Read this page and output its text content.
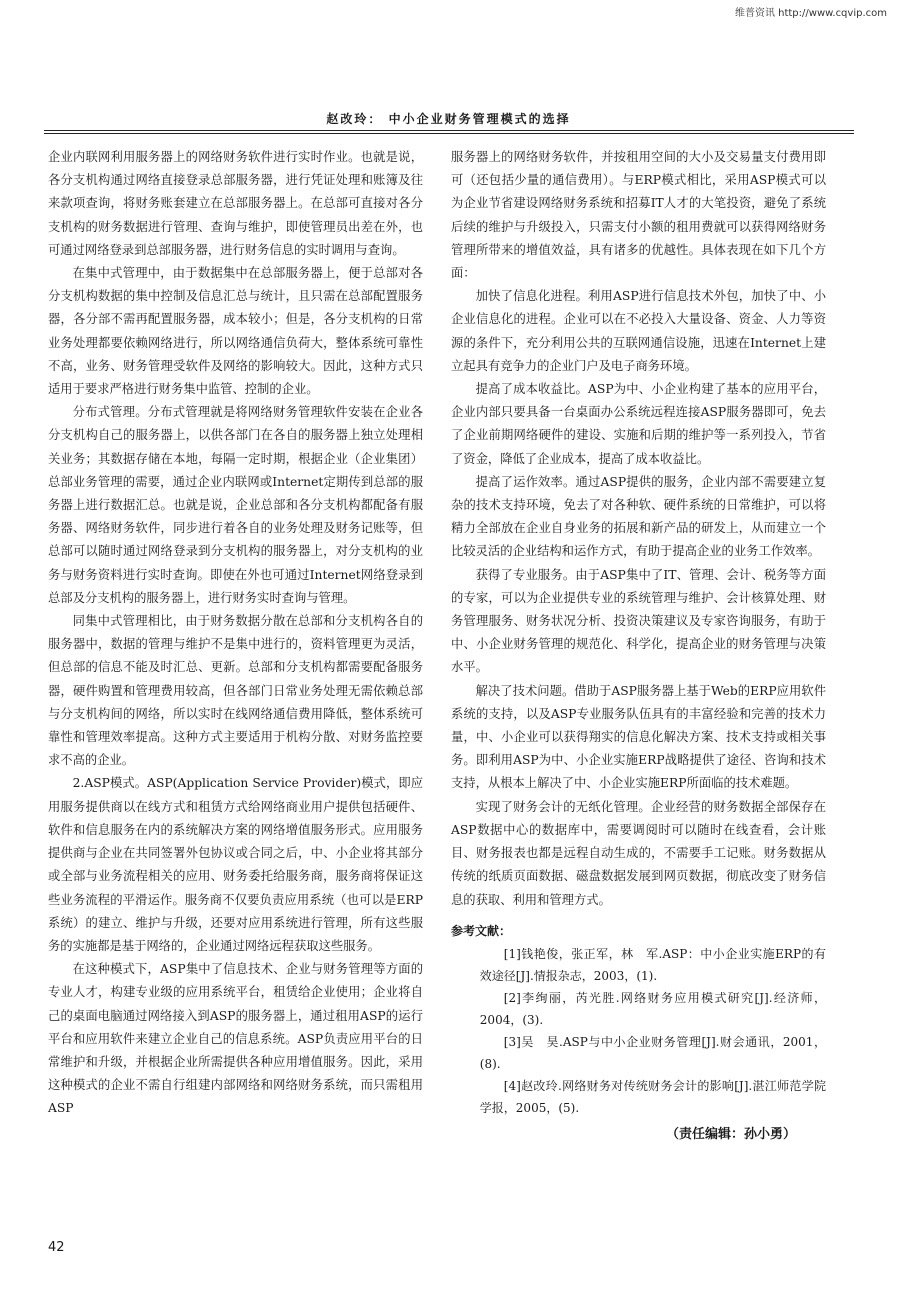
维普资讯 http://www.cqvip.com
赵改玲： 中小企业财务管理模式的选择

企业内联网利用服务器上的网络财务软件进行实时作业。也就是说，各分支机构通过网络直接登录总部服务器，进行凭证处理和账簿及往来款项查询，将财务账套建立在总部服务器上。在总部可直接对各分支机构的财务数据进行管理、查询与维护，即使管理员出差在外，也可通过网络登录到总部服务器，进行财务信息的实时调用与查询。

在集中式管理中，由于数据集中在总部服务器上，便于总部对各分支机构数据的集中控制及信息汇总与统计，且只需在总部配置服务器，各分部不需再配置服务器，成本较小；但是，各分支机构的日常业务处理都要依赖网络进行，所以网络通信负荷大，整体系统可靠性不高，业务、财务管理受软件及网络的影响较大。因此，这种方式只适用于要求严格进行财务集中监管、控制的企业。

分布式管理。分布式管理就是将网络财务管理软件安装在企业各分支机构自己的服务器上，以供各部门在各自的服务器上独立处理相关业务；其数据存储在本地，每隔一定时期，根据企业（企业集团）总部业务管理的需要，通过企业内联网或Internet定期传到总部的服务器上进行数据汇总。也就是说，企业总部和各分支机构都配备有服务器、网络财务软件，同步进行着各自的业务处理及财务记账等，但总部可以随时通过网络登录到分支机构的服务器上，对分支机构的业务与财务资料进行实时查询。即使在外也可通过Internet网络登录到总部及分支机构的服务器上，进行财务实时查询与管理。

同集中式管理相比，由于财务数据分散在总部和分支机构各自的服务器中，数据的管理与维护不是集中进行的，资料管理更为灵活，但总部的信息不能及时汇总、更新。总部和分支机构都需要配备服务器，硬件购置和管理费用较高，但各部门日常业务处理无需依赖总部与分支机构间的网络，所以实时在线网络通信费用降低，整体系统可靠性和管理效率提高。这种方式主要适用于机构分散、对财务监控要求不高的企业。

2.ASP模式。ASP(Application Service Provider)模式，即应用服务提供商以在线方式和租赁方式给网络商业用户提供包括硬件、软件和信息服务在内的系统解决方案的网络增值服务形式。应用服务提供商与企业在共同签署外包协议或合同之后，中、小企业将其部分或全部与业务流程相关的应用、财务委托给服务商，服务商将保证这些业务流程的平滑运作。服务商不仅要负责应用系统（也可以是ERP系统）的建立、维护与升级，还要对应用系统进行管理，所有这些服务的实施都是基于网络的，企业通过网络远程获取这些服务。

在这种模式下，ASP集中了信息技术、企业与财务管理等方面的专业人才，构建专业级的应用系统平台，租赁给企业使用；企业将自己的桌面电脑通过网络接入到ASP的服务器上，通过租用ASP的运行平台和应用软件来建立企业自己的信息系统。ASP负责应用平台的日常维护和升级，并根据企业所需提供各种应用增值服务。因此，采用这种模式的企业不需自行组建内部网络和网络财务系统，而只需租用ASP

服务器上的网络财务软件，并按租用空间的大小及交易量支付费用即可（还包括少量的通信费用）。与ERP模式相比，采用ASP模式可以为企业节省建设网络财务系统和招募IT人才的大笔投资，避免了系统后续的维护与升级投入，只需支付小额的租用费就可以获得网络财务管理所带来的增值效益，具有诸多的优越性。具体表现在如下几个方面：

加快了信息化进程。利用ASP进行信息技术外包，加快了中、小企业信息化的进程。企业可以在不必投入大量设备、资金、人力等资源的条件下，充分利用公共的互联网通信设施，迅速在Internet上建立起具有竞争力的企业门户及电子商务环境。

提高了成本收益比。ASP为中、小企业构建了基本的应用平台，企业内部只要具备一台桌面办公系统远程连接ASP服务器即可，免去了企业前期网络硬件的建设、实施和后期的维护等一系列投入，节省了资金，降低了企业成本，提高了成本收益比。

提高了运作效率。通过ASP提供的服务，企业内部不需要建立复杂的技术支持环境，免去了对各种软、硬件系统的日常维护，可以将精力全部放在企业自身业务的拓展和新产品的研发上，从而建立一个比较灵活的企业结构和运作方式，有助于提高企业的业务工作效率。

获得了专业服务。由于ASP集中了IT、管理、会计、税务等方面的专家，可以为企业提供专业的系统管理与维护、会计核算处理、财务管理服务、财务状况分析、投资决策建议及专家咨询服务，有助于中、小企业财务管理的规范化、科学化，提高企业的财务管理与决策水平。

解决了技术问题。借助于ASP服务器上基于Web的ERP应用软件系统的支持，以及ASP专业服务队伍具有的丰富经验和完善的技术力量，中、小企业可以获得翔实的信息化解决方案、技术支持或相关事务。即利用ASP为中、小企业实施ERP战略提供了途径、咨询和技术支持，从根本上解决了中、小企业实施ERP所面临的技术难题。

实现了财务会计的无纸化管理。企业经营的财务数据全部保存在ASP数据中心的数据库中，需要调阅时可以随时在线查看，会计账目、财务报表也都是远程自动生成的，不需要手工记账。财务数据从传统的纸质页面数据、磁盘数据发展到网页数据，彻底改变了财务信息的获取、利用和管理方式。

参考文献：

[1]钱艳俊，张正军，林　军.ASP：中小企业实施ERP的有效途径[J].情报杂志，2003，(1).

[2]李绚丽，芮光胜.网络财务应用模式研究[J].经济师，2004，(3).

[3]吴　昊.ASP与中小企业财务管理[J].财会通讯，2001，(8).

[4]赵改玲.网络财务对传统财务会计的影响[J].湛江师范学院学报，2005，(5).

（责任编辑：孙小勇）
42
